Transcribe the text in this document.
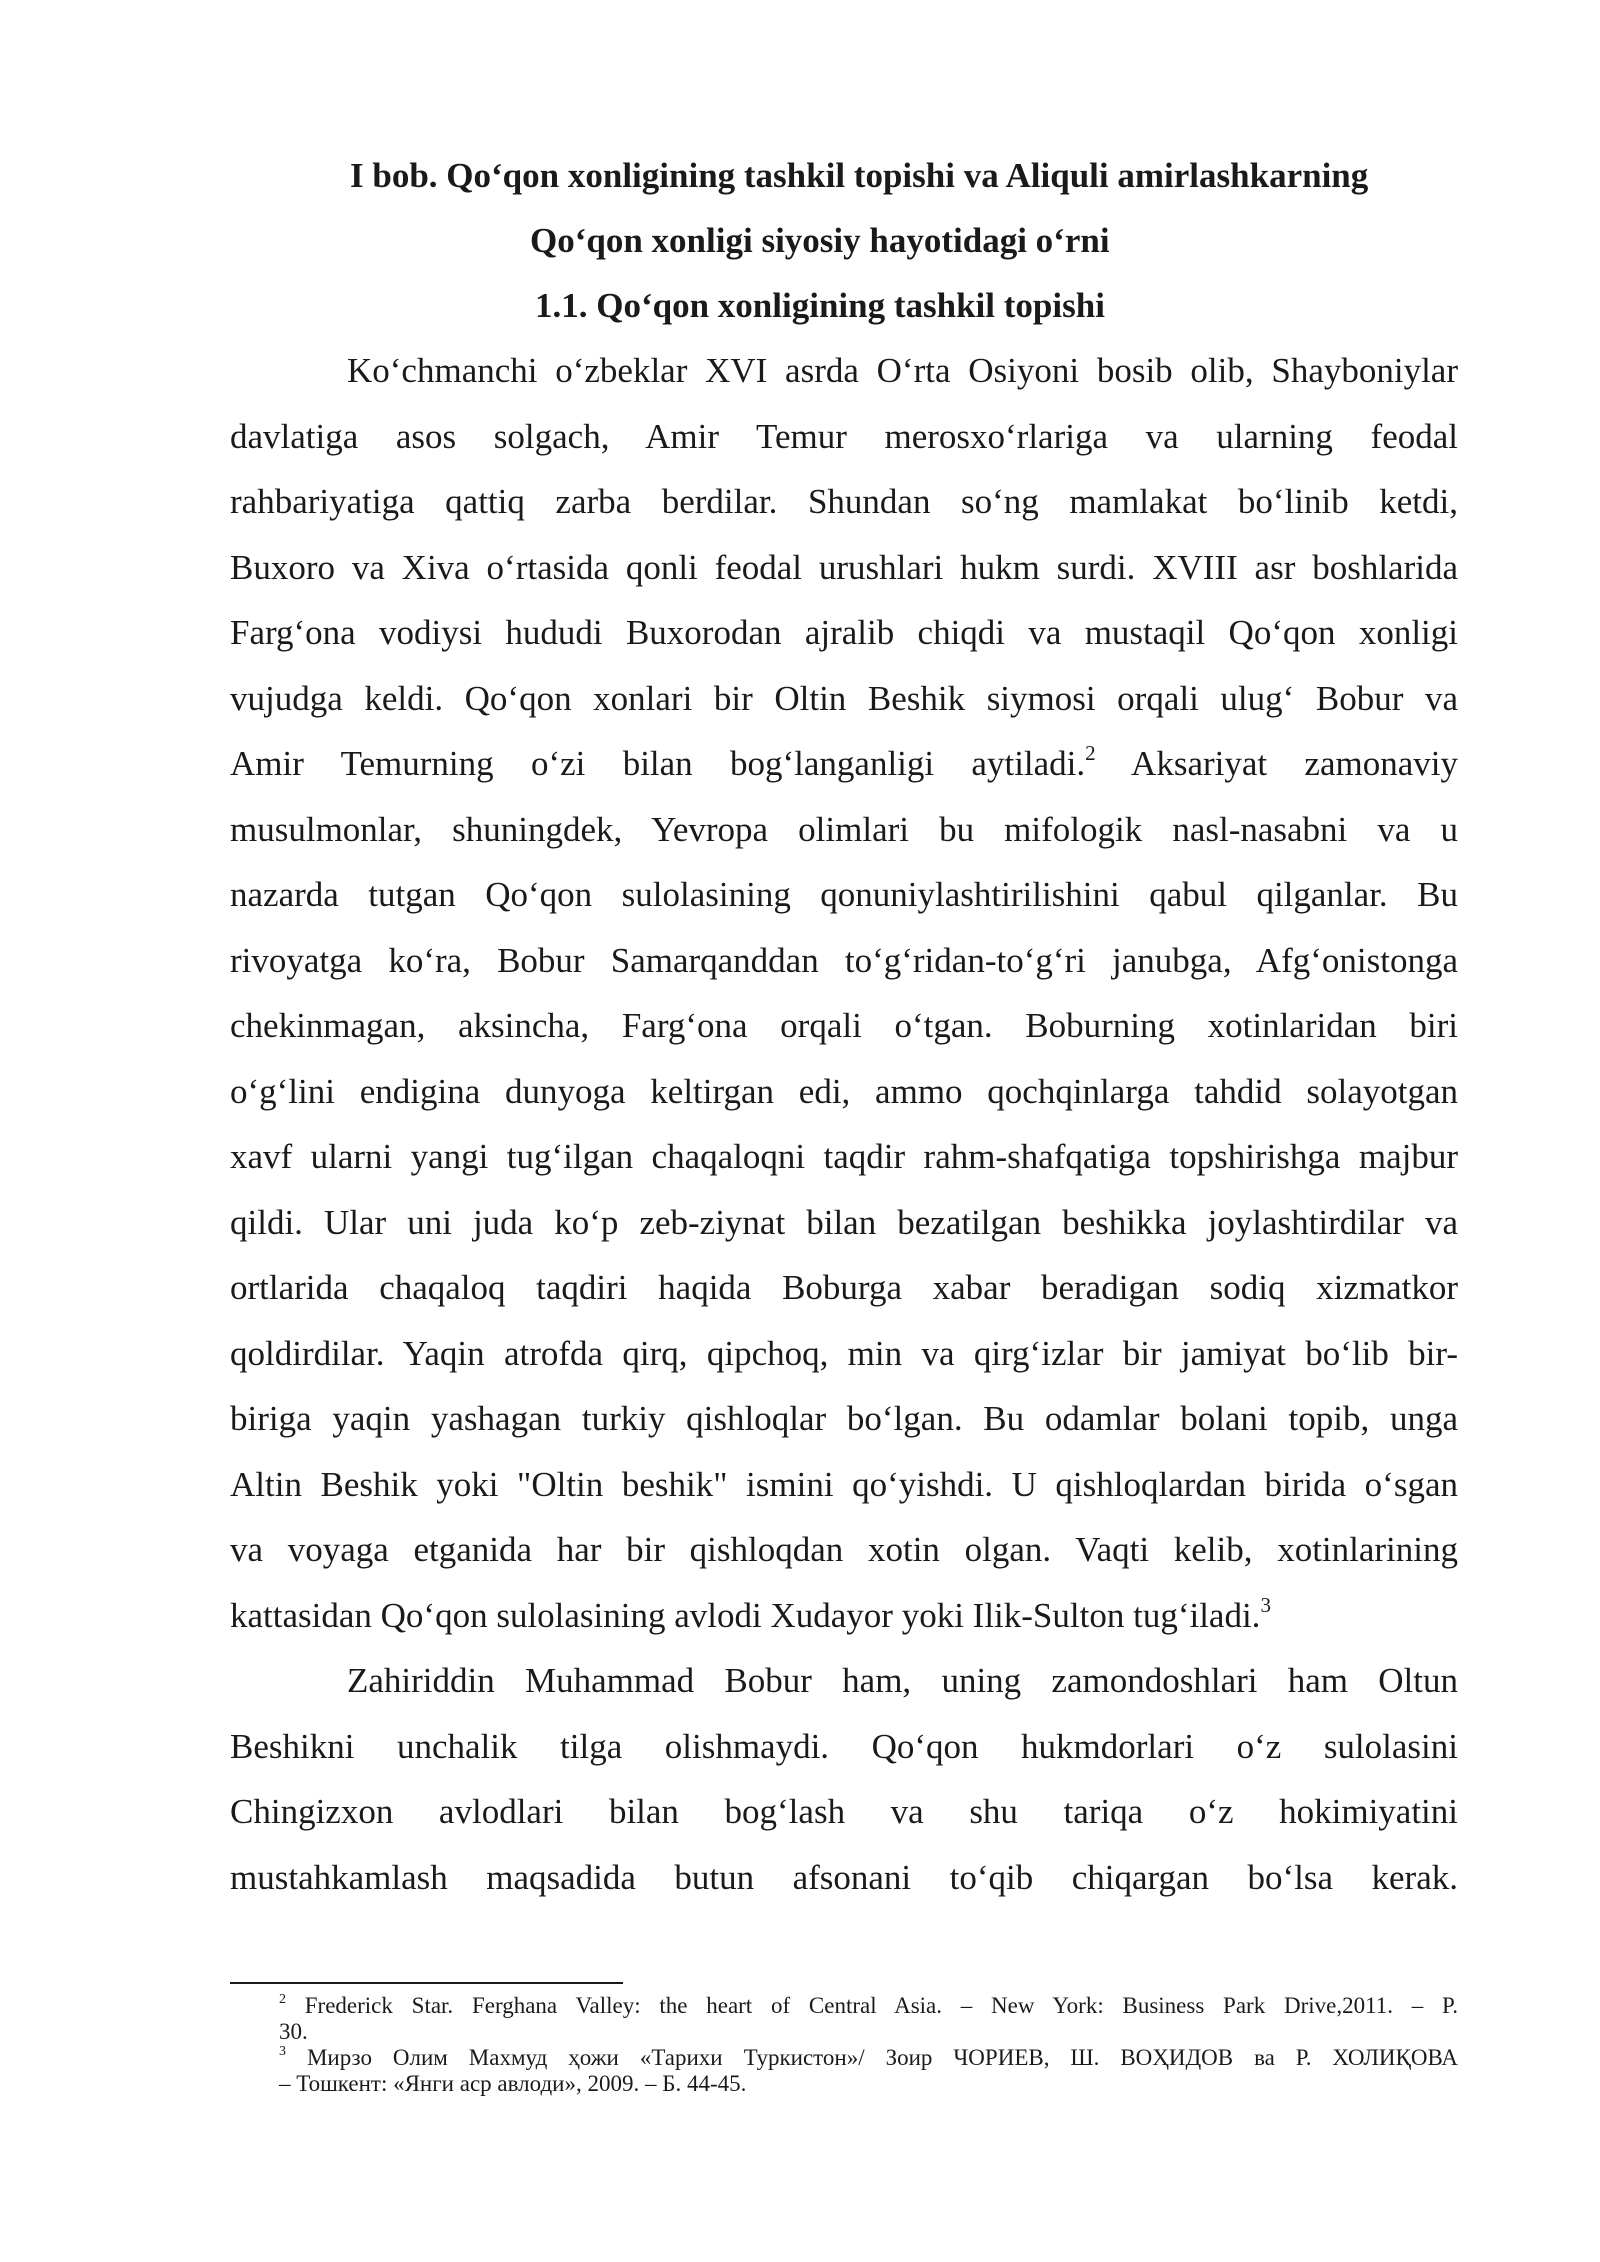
I bob. Qo‘qon xonligining tashkil topishi va Aliquli amirlashkarning
Qo‘qon xonligi siyosiy hayotidagi o‘rni
1.1. Qo‘qon xonligining tashkil topishi
Ko‘chmanchi o‘zbeklar XVI asrda O‘rta Osiyoni bosib olib, Shayboniylar
davlatiga asos solgach, Amir Temur merosxo‘rlariga va ularning feodal
rahbariyatiga qattiq zarba berdilar. Shundan so‘ng mamlakat bo‘linib ketdi,
Buxoro va Xiva o‘rtasida qonli feodal urushlari hukm surdi. XVIII asr boshlarida
Farg‘ona vodiysi hududi Buxorodan ajralib chiqdi va mustaqil Qo‘qon xonligi
vujudga keldi. Qo‘qon xonlari bir Oltin Beshik siymosi orqali ulug‘ Bobur va
Amir Temurning o‘zi bilan bog‘langanligi aytiladi.$^2$ Aksariyat zamonaviy
musulmonlar, shuningdek, Yevropa olimlari bu mifologik nasl-nasabni va u
nazarda tutgan Qo‘qon sulolasining qonuniylashtirilishini qabul qilganlar. Bu
rivoyatga ko‘ra, Bobur Samarqanddan to‘g‘ridan-to‘g‘ri janubga, Afg‘onistonga
chekinmagan, aksincha, Farg‘ona orqali o‘tgan. Boburning xotinlaridan biri
o‘g‘lini endigina dunyoga keltirgan edi, ammo qochqinlarga tahdid solayotgan
xavf ularni yangi tug‘ilgan chaqaloqni taqdir rahm-shafqatiga topshirishga majbur
qildi. Ular uni juda ko‘p zeb-ziynat bilan bezatilgan beshikka joylashtirdilar va
ortlarida chaqaloq taqdiri haqida Boburga xabar beradigan sodiq xizmatkor
qoldirdilar. Yaqin atrofda qirq, qipchoq, min va qirg‘izlar bir jamiyat bo‘lib bir-
biriga yaqin yashagan turkiy qishloqlar bo‘lgan. Bu odamlar bolani topib, unga
Altin Beshik yoki "Oltin beshik" ismini qo‘yishdi. U qishloqlardan birida o‘sgan
va voyaga etganida har bir qishloqdan xotin olgan. Vaqti kelib, xotinlarining
kattasidan Qo‘qon sulolasining avlodi Xudayor yoki Ilik-Sulton tug‘iladi.$^3$
Zahiriddin Muhammad Bobur ham, uning zamondoshlari ham Oltun
Beshikni unchalik tilga olishmaydi. Qo‘qon hukmdorlari o‘z sulolasini
Chingizxon avlodlari bilan bog‘lash va shu tariqa o‘z hokimiyatini
mustahkamlash maqsadida butun afsonani to‘qib chiqargan bo‘lsa kerak.
$^2$ Frederick Star. Ferghana Valley: the heart of Central Asia. – New York: Business Park Drive,2011. – P.
30.
$^3$ Мирзо Олим Махмуд ҳожи «Тарихи Туркистон»/ Зоир ЧОРИЕВ, Ш. ВОҲИДОВ ва Р. ХОЛИҚОВА
– Тошкент: «Янги аср авлоди», 2009. – Б. 44-45.
